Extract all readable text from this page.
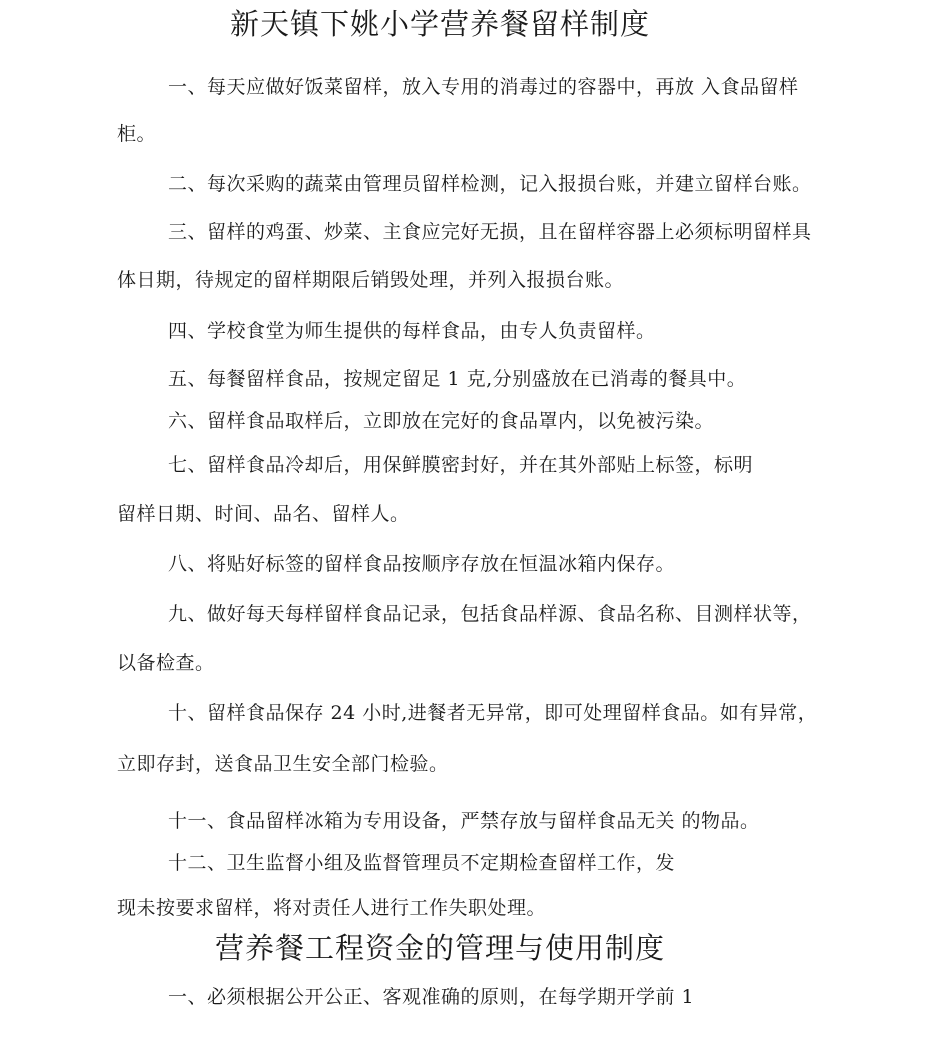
新天镇下姚小学营养餐留样制度

一、每天应做好饭菜留样，放入专用的消毒过的容器中，再放 入食品留样

柜。

二、每次采购的蔬菜由管理员留样检测，记入报损台账，并建立留样台账。

三、留样的鸡蛋、炒菜、主食应完好无损，且在留样容器上必须标明留样具

体日期，待规定的留样期限后销毁处理，并列入报损台账。

四、学校食堂为师生提供的每样食品，由专人负责留样。

五、每餐留样食品，按规定留足 1 克,分别盛放在已消毒的餐具中。

六、留样食品取样后，立即放在完好的食品罩内，以免被污染。

七、留样食品冷却后，用保鲜膜密封好，并在其外部贴上标签，标明

留样日期、时间、品名、留样人。

八、将贴好标签的留样食品按顺序存放在恒温冰箱内保存。

九、做好每天每样留样食品记录，包括食品样源、食品名称、目测样状等，

以备检查。

十、留样食品保存 24 小时,进餐者无异常，即可处理留样食品。如有异常，

立即存封，送食品卫生安全部门检验。

十一、食品留样冰箱为专用设备，严禁存放与留样食品无关 的物品。

十二、卫生监督小组及监督管理员不定期检查留样工作，发

现未按要求留样，将对责任人进行工作失职处理。

营养餐工程资金的管理与使用制度

一、必须根据公开公正、客观准确的原则，在每学期开学前 1
